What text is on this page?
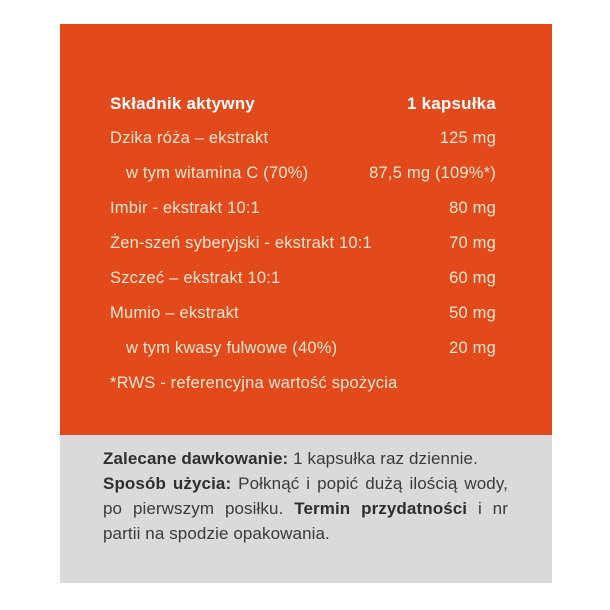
Składnik aktywny	1 kapsułka
Dzika róża – ekstrakt	125 mg
w tym witamina C (70%)	87,5 mg (109%*)
Imbir - ekstrakt 10:1	80 mg
Żen-szeń syberyjski - ekstrakt 10:1	70 mg
Szczeć – ekstrakt 10:1	60 mg
Mumio – ekstrakt	50 mg
w tym kwasy fulwowe (40%)	20 mg
*RWS - referencyjna wartość spożycia

Zalecane dawkowanie: 1 kapsułka raz dziennie.

Sposób użycia: Połknąć i popić dużą ilością wody, po pierwszym posiłku. Termin przydatności i nr partii na spodzie opakowania.
